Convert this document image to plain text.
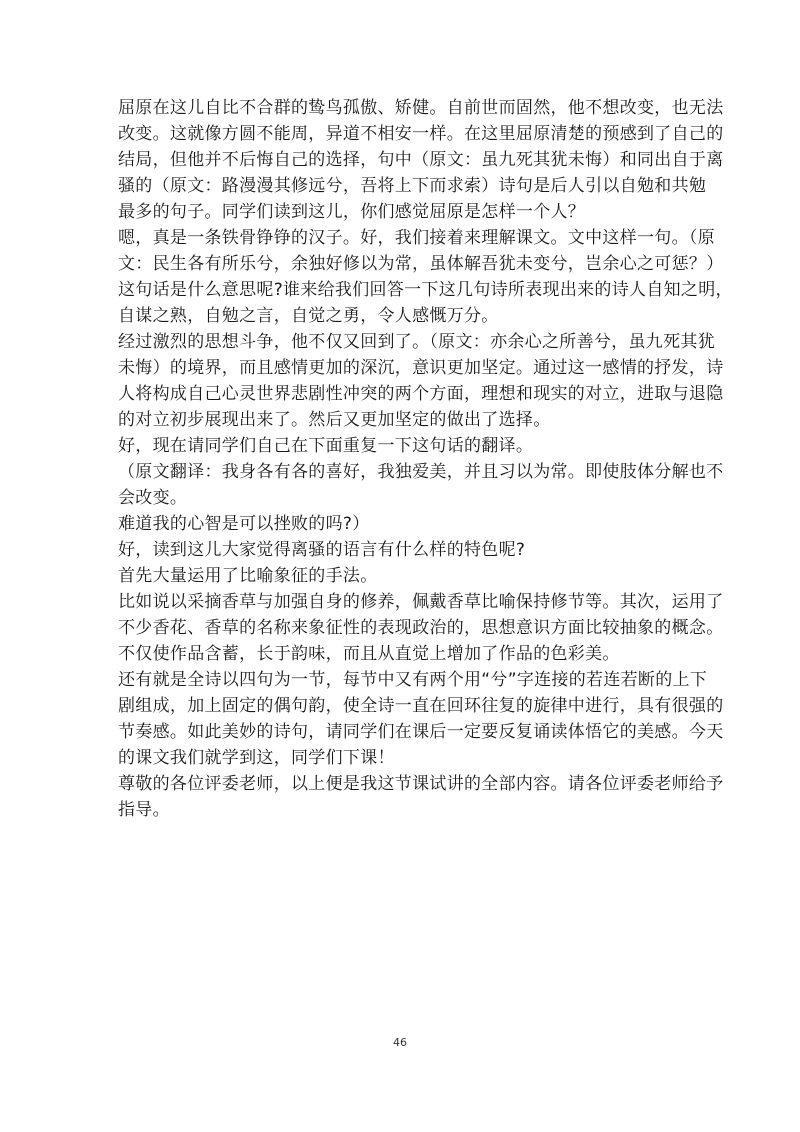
屈原在这儿自比不合群的鸷鸟孤傲、矫健。自前世而固然，他不想改变，也无法

改变。这就像方圆不能周，异道不相安一样。在这里屈原清楚的预感到了自己的

结局，但他并不后悔自己的选择，句中（原文：虽九死其犹未悔）和同出自于离

骚的（原文：路漫漫其修远兮，吾将上下而求索）诗句是后人引以自勉和共勉

最多的句子。同学们读到这儿，你们感觉屈原是怎样一个人？

嗯，真是一条铁骨铮铮的汉子。好，我们接着来理解课文。文中这样一句。（原

文：民生各有所乐兮，余独好修以为常，虽体解吾犹未变兮，岂余心之可惩？）

这句话是什么意思呢?谁来给我们回答一下这几句诗所表现出来的诗人自知之明，

自谋之熟，自勉之言，自觉之勇，令人感慨万分。

经过激烈的思想斗争，他不仅又回到了。（原文：亦余心之所善兮，虽九死其犹

未悔）的境界，而且感情更加的深沉，意识更加坚定。通过这一感情的抒发，诗

人将构成自己心灵世界悲剧性冲突的两个方面，理想和现实的对立，进取与退隐

的对立初步展现出来了。然后又更加坚定的做出了选择。

好，现在请同学们自己在下面重复一下这句话的翻译。

（原文翻译：我身各有各的喜好，我独爱美，并且习以为常。即使肢体分解也不

会改变。

难道我的心智是可以挫败的吗?）

好，读到这儿大家觉得离骚的语言有什么样的特色呢?

首先大量运用了比喻象征的手法。

比如说以采摘香草与加强自身的修养，佩戴香草比喻保持修节等。其次，运用了

不少香花、香草的名称来象征性的表现政治的，思想意识方面比较抽象的概念。

不仅使作品含蓄，长于韵味，而且从直觉上增加了作品的色彩美。

还有就是全诗以四句为一节，每节中又有两个用“兮”字连接的若连若断的上下

剧组成，加上固定的偶句韵，使全诗一直在回环往复的旋律中进行，具有很强的

节奏感。如此美妙的诗句，请同学们在课后一定要反复诵读体悟它的美感。今天

的课文我们就学到这，同学们下课！

尊敬的各位评委老师，以上便是我这节课试讲的全部内容。请各位评委老师给予

指导。

46
